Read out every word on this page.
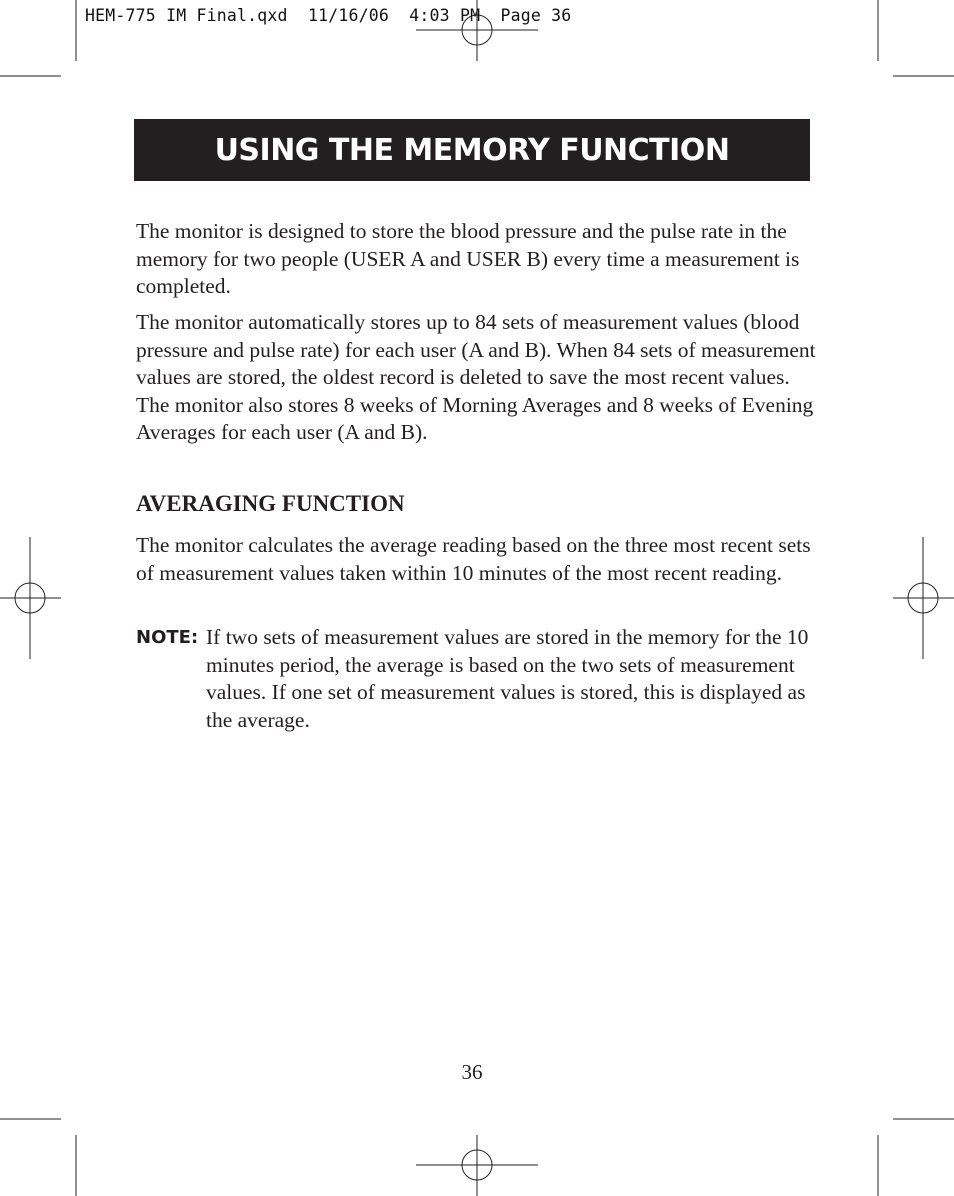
HEM-775 IM Final.qxd  11/16/06  4:03 PM  Page 36
USING THE MEMORY FUNCTION

The monitor is designed to store the blood pressure and the pulse rate in the memory for two people (USER A and USER B) every time a measurement is completed.

The monitor automatically stores up to 84 sets of measurement values (blood pressure and pulse rate) for each user (A and B). When 84 sets of measurement values are stored, the oldest record is deleted to save the most recent values. The monitor also stores 8 weeks of Morning Averages and 8 weeks of Evening Averages for each user (A and B).

AVERAGING FUNCTION

The monitor calculates the average reading based on the three most recent sets of measurement values taken within 10 minutes of the most recent reading.

NOTE: If two sets of measurement values are stored in the memory for the 10 minutes period, the average is based on the two sets of measurement values. If one set of measurement values is stored, this is displayed as the average.

36
